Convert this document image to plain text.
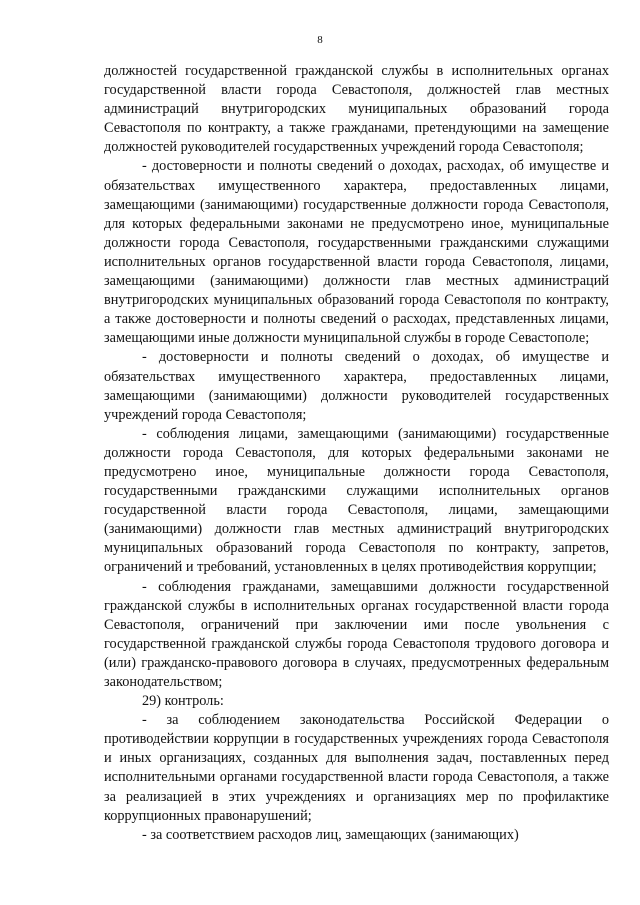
8

должностей государственной гражданской службы в исполнительных органах государственной власти города Севастополя, должностей глав местных администраций внутригородских муниципальных образований города Севастополя по контракту, а также гражданами, претендующими на замещение должностей руководителей государственных учреждений города Севастополя;

- достоверности и полноты сведений о доходах, расходах, об имуществе и обязательствах имущественного характера, предоставленных лицами, замещающими (занимающими) государственные должности города Севастополя, для которых федеральными законами не предусмотрено иное, муниципальные должности города Севастополя, государственными гражданскими служащими исполнительных органов государственной власти города Севастополя, лицами, замещающими (занимающими) должности глав местных администраций внутригородских муниципальных образований города Севастополя по контракту, а также достоверности и полноты сведений о расходах, представленных лицами, замещающими иные должности муниципальной службы в городе Севастополе;

- достоверности и полноты сведений о доходах, об имуществе и обязательствах имущественного характера, предоставленных лицами, замещающими (занимающими) должности руководителей государственных учреждений города Севастополя;

- соблюдения лицами, замещающими (занимающими) государственные должности города Севастополя, для которых федеральными законами не предусмотрено иное, муниципальные должности города Севастополя, государственными гражданскими служащими исполнительных органов государственной власти города Севастополя, лицами, замещающими (занимающими) должности глав местных администраций внутригородских муниципальных образований города Севастополя по контракту, запретов, ограничений и требований, установленных в целях противодействия коррупции;

- соблюдения гражданами, замещавшими должности государственной гражданской службы в исполнительных органах государственной власти города Севастополя, ограничений при заключении ими после увольнения с государственной гражданской службы города Севастополя трудового договора и (или) гражданско-правового договора в случаях, предусмотренных федеральным законодательством;

29) контроль:

- за соблюдением законодательства Российской Федерации о противодействии коррупции в государственных учреждениях города Севастополя и иных организациях, созданных для выполнения задач, поставленных перед исполнительными органами государственной власти города Севастополя, а также за реализацией в этих учреждениях и организациях мер по профилактике коррупционных правонарушений;

- за соответствием расходов лиц, замещающих (занимающих)
